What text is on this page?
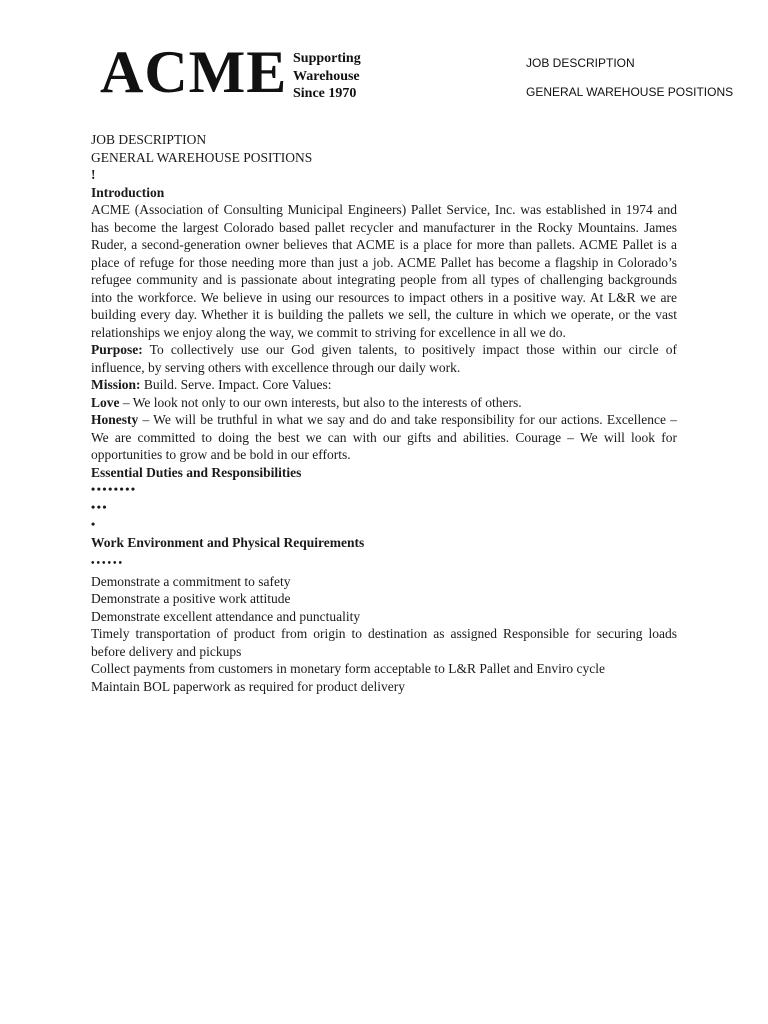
ACME Supporting
Warehouse
Since 1970
JOB DESCRIPTION
GENERAL WAREHOUSE POSITIONS

JOB DESCRIPTION

GENERAL WAREHOUSE POSITIONS

!

Introduction

ACME (Association of Consulting Municipal Engineers) Pallet Service, Inc. was established in 1974 and has become the largest Colorado based pallet recycler and manufacturer in the Rocky Mountains. James Ruder, a second-generation owner believes that ACME is a place for more than pallets. ACME Pallet is a place of refuge for those needing more than just a job. ACME Pallet has become a flagship in Colorado’s refugee community and is passionate about integrating people from all types of challenging backgrounds into the workforce. We believe in using our resources to impact others in a positive way. At L&R we are building every day. Whether it is building the pallets we sell, the culture in which we operate, or the vast relationships we enjoy along the way, we commit to striving for excellence in all we do.

Purpose: To collectively use our God given talents, to positively impact those within our circle of influence, by serving others with excellence through our daily work.

Mission: Build. Serve. Impact. Core Values:

Love – We look not only to our own interests, but also to the interests of others.

Honesty – We will be truthful in what we say and do and take responsibility for our actions. Excellence – We are committed to doing the best we can with our gifts and abilities. Courage – We will look for opportunities to grow and be bold in our efforts.

Essential Duties and Responsibilities

••••••••

•••

•

Work Environment and Physical Requirements

••••••

Demonstrate a commitment to safety

Demonstrate a positive work attitude

Demonstrate excellent attendance and punctuality

Timely transportation of product from origin to destination as assigned Responsible for securing loads before delivery and pickups

Collect payments from customers in monetary form acceptable to L&R Pallet and Enviro cycle

Maintain BOL paperwork as required for product delivery
